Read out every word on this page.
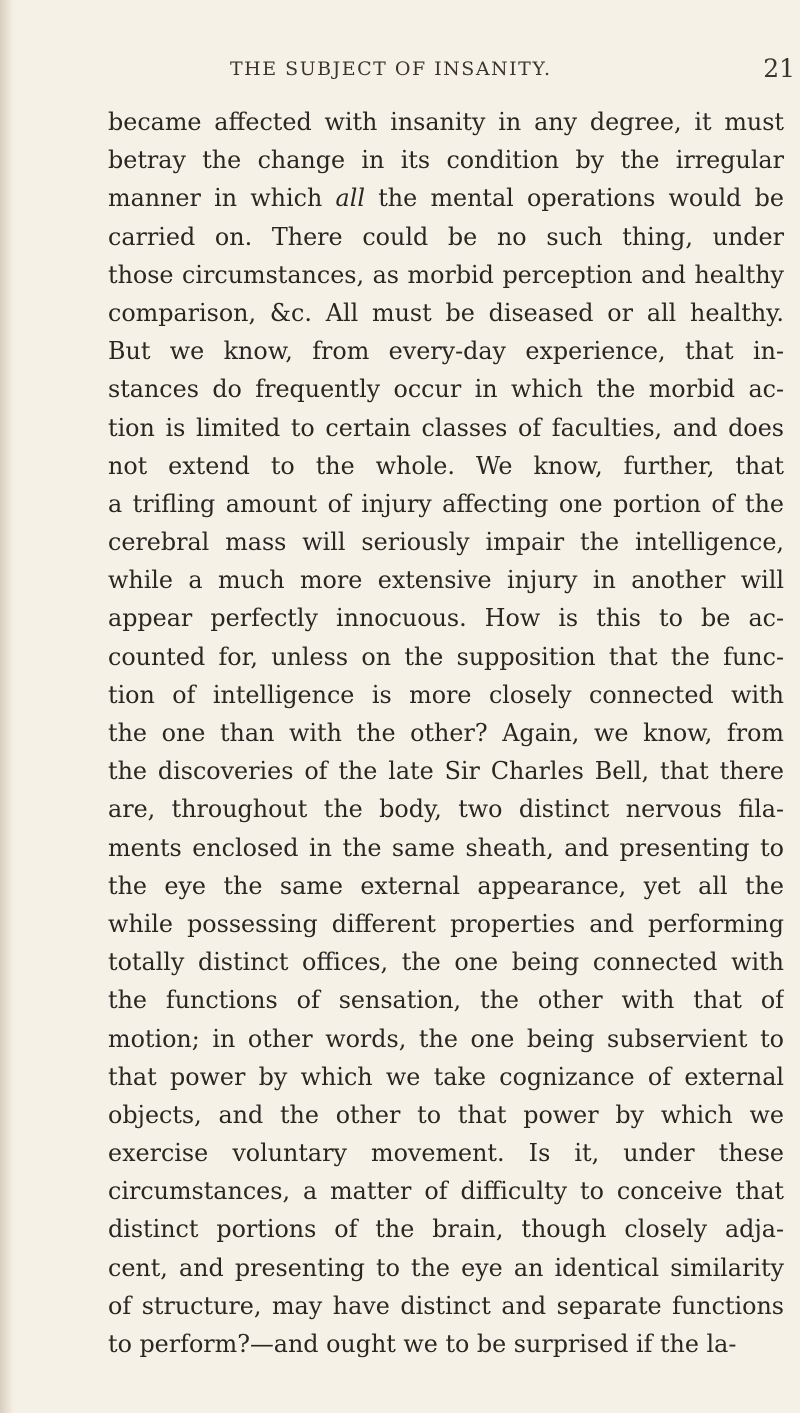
THE SUBJECT OF INSANITY.	21
became affected with insanity in any degree, it must
betray the change in its condition by the irregular
manner in which all the mental operations would be
carried on. There could be no such thing, under
those circumstances, as morbid perception and healthy
comparison, &c. All must be diseased or all healthy.
But we know, from every-day experience, that in-
stances do frequently occur in which the morbid ac-
tion is limited to certain classes of faculties, and does
not extend to the whole. We know, further, that
a trifling amount of injury affecting one portion of the
cerebral mass will seriously impair the intelligence,
while a much more extensive injury in another will
appear perfectly innocuous. How is this to be ac-
counted for, unless on the supposition that the func-
tion of intelligence is more closely connected with
the one than with the other? Again, we know, from
the discoveries of the late Sir Charles Bell, that there
are, throughout the body, two distinct nervous fila-
ments enclosed in the same sheath, and presenting to
the eye the same external appearance, yet all the
while possessing different properties and performing
totally distinct offices, the one being connected with
the functions of sensation, the other with that of
motion; in other words, the one being subservient to
that power by which we take cognizance of external
objects, and the other to that power by which we
exercise voluntary movement. Is it, under these
circumstances, a matter of difficulty to conceive that
distinct portions of the brain, though closely adja-
cent, and presenting to the eye an identical similarity
of structure, may have distinct and separate functions
to perform?—and ought we to be surprised if the la-
